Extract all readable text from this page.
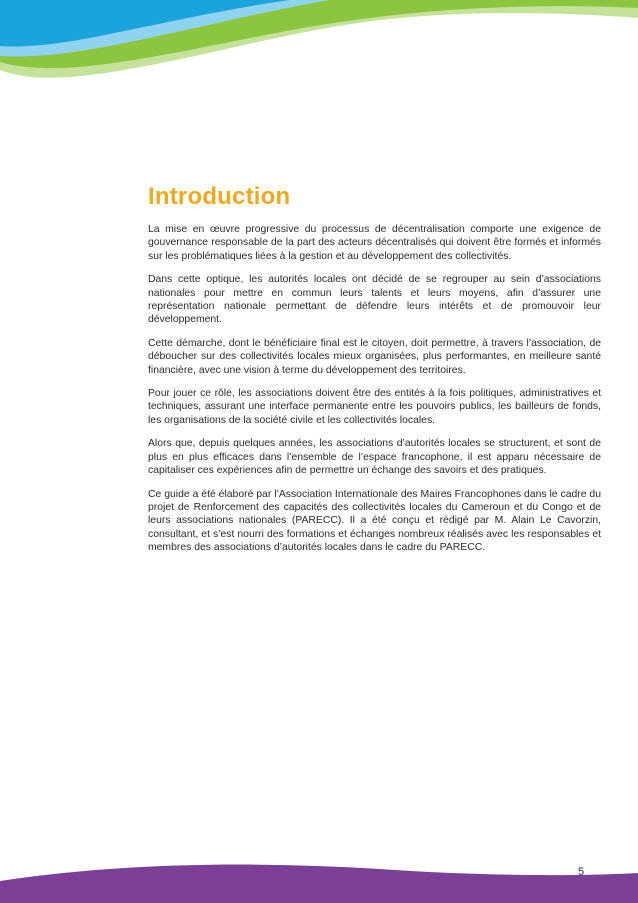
Introduction

La mise en œuvre progressive du processus de décentralisation comporte une exigence de gouvernance responsable de la part des acteurs décentralisés qui doivent être formés et informés sur les problématiques liées à la gestion et au développement des collectivités.

Dans cette optique, les autorités locales ont décidé de se regrouper au sein d’associations nationales pour mettre en commun leurs talents et leurs moyens, afin d’assurer une représentation nationale permettant de défendre leurs intérêts et de promouvoir leur développement.

Cette démarche, dont le bénéficiaire final est le citoyen, doit permettre, à travers l’association, de déboucher sur des collectivités locales mieux organisées, plus performantes, en meilleure santé financière, avec une vision à terme du développement des territoires.

Pour jouer ce rôle, les associations doivent être des entités à la fois politiques, administratives et techniques, assurant une interface permanente entre les pouvoirs publics, les bailleurs de fonds, les organisations de la société civile et les collectivités locales.

Alors que, depuis quelques années, les associations d’autorités locales se structurent, et sont de plus en plus efficaces dans l’ensemble de l’espace francophone, il est apparu nécessaire de capitaliser ces expériences afin de permettre un échange des savoirs et des pratiques.

Ce guide a été élaboré par l’Association Internationale des Maires Francophones dans le cadre du projet de Renforcement des capacités des collectivités locales du Cameroun et du Congo et de leurs associations nationales (PARECC). Il a été conçu et rédigé par M. Alain Le Cavorzin, consultant, et s’est nourri des formations et échanges nombreux réalisés avec les responsables et membres des associations d’autorités locales dans le cadre du PARECC.

5
